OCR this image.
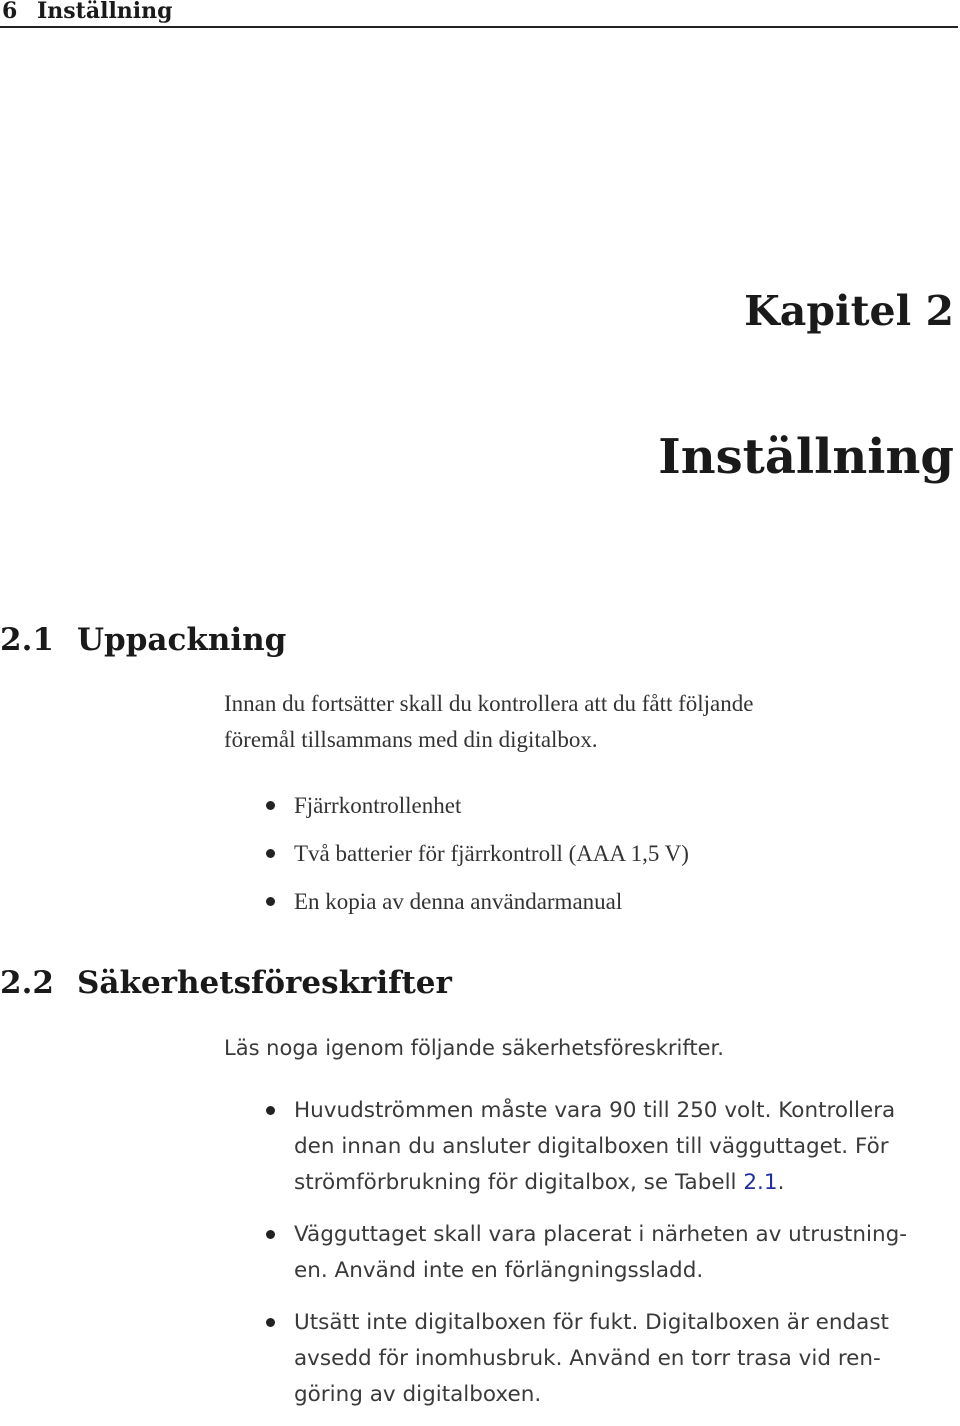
6 Inställning
Kapitel 2
Inställning
2.1 Uppackning
Innan du fortsätter skall du kontrollera att du fått följande
föremål tillsammans med din digitalbox.
Fjärrkontrollenhet
Två batterier för fjärrkontroll (AAA 1,5 V)
En kopia av denna användarmanual
2.2 Säkerhetsföreskrifter
Läs noga igenom följande säkerhetsföreskrifter.
Huvudströmmen måste vara 90 till 250 volt. Kontrollera
den innan du ansluter digitalboxen till vägguttaget. För
strömförbrukning för digitalbox, se Tabell 2.1.
Vägguttaget skall vara placerat i närheten av utrustning-
en. Använd inte en förlängningssladd.
Utsätt inte digitalboxen för fukt. Digitalboxen är endast
avsedd för inomhusbruk. Använd en torr trasa vid ren-
göring av digitalboxen.
